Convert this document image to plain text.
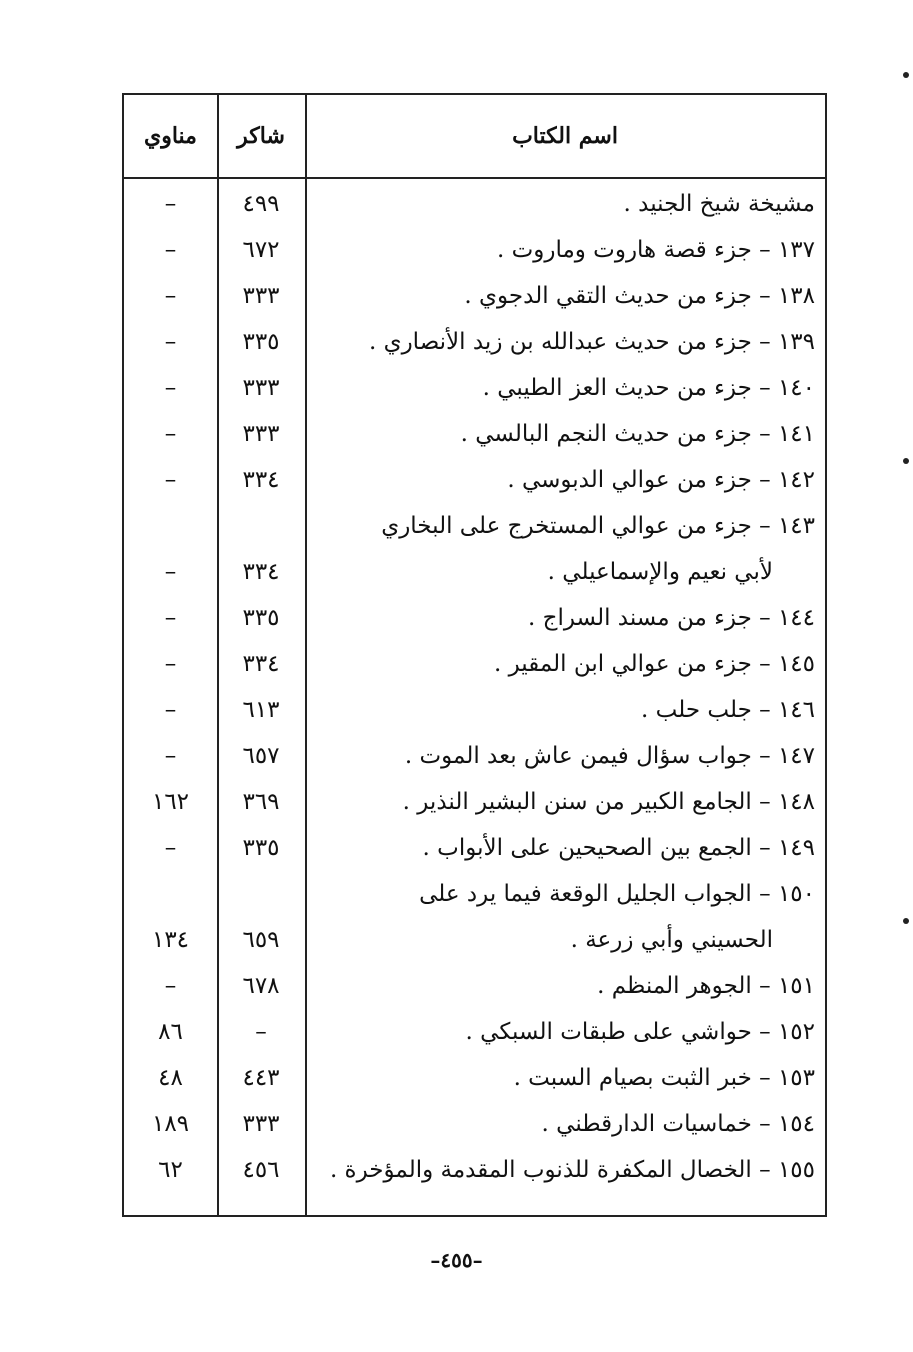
اسم الكتاب
شاكر
مناوي
مشيخة شيخ الجنيد .
٤٩٩
–
١٣٧ – جزء قصة هاروت وماروت .
٦٧٢
–
١٣٨ – جزء من حديث التقي الدجوي .
٣٣٣
–
١٣٩ – جزء من حديث عبدالله بن زيد الأنصاري .
٣٣٥
–
١٤٠ – جزء من حديث العز الطيبي .
٣٣٣
–
١٤١ – جزء من حديث النجم البالسي .
٣٣٣
–
١٤٢ – جزء من عوالي الدبوسي .
٣٣٤
–
١٤٣ – جزء من عوالي المستخرج على البخاري
لأبي نعيم والإسماعيلي .
٣٣٤
–
١٤٤ – جزء من مسند السراج .
٣٣٥
–
١٤٥ – جزء من عوالي ابن المقير .
٣٣٤
–
١٤٦ – جلب حلب .
٦١٣
–
١٤٧ – جواب سؤال فيمن عاش بعد الموت .
٦٥٧
–
١٤٨ – الجامع الكبير من سنن البشير النذير .
٣٦٩
١٦٢
١٤٩ – الجمع بين الصحيحين على الأبواب .
٣٣٥
–
١٥٠ – الجواب الجليل الوقعة فيما يرد على
الحسيني وأبي زرعة .
٦٥٩
١٣٤
١٥١ – الجوهر المنظم .
٦٧٨
–
١٥٢ – حواشي على طبقات السبكي .
–
٨٦
١٥٣ – خبر الثبت بصيام السبت .
٤٤٣
٤٨
١٥٤ – خماسيات الدارقطني .
٣٣٣
١٨٩
١٥٥ – الخصال المكفرة للذنوب المقدمة والمؤخرة .
٤٥٦
٦٢
–٤٥٥–
